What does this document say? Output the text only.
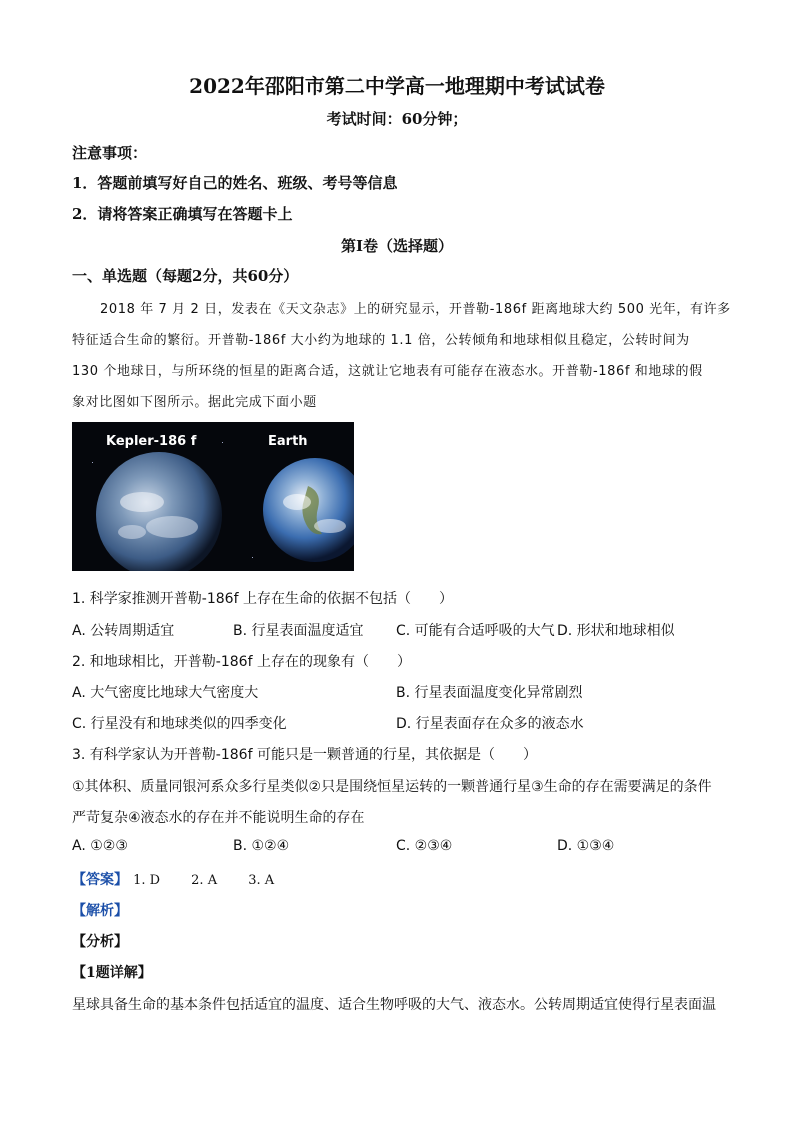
2022年邵阳市第二中学高一地理期中考试试卷
考试时间：60分钟；
注意事项：
1．答题前填写好自己的姓名、班级、考号等信息
2．请将答案正确填写在答题卡上
第I卷（选择题）
一、单选题（每题2分，共60分）
2018 年 7 月 2 日，发表在《天文杂志》上的研究显示，开普勒-186f 距离地球大约 500 光年，有许多
特征适合生命的繁衍。开普勒-186f 大小约为地球的 1.1 倍，公转倾角和地球相似且稳定，公转时间为
130 个地球日，与所环绕的恒星的距离合适，这就让它地表有可能存在液态水。开普勒-186f 和地球的假
象对比图如下图所示。据此完成下面小题
Kepler-186 f	Earth
1. 科学家推测开普勒-186f 上存在生命的依据不包括（　　）
A. 公转周期适宜	B. 行星表面温度适宜 C. 可能有合适呼吸的大气 D. 形状和地球相似
2. 和地球相比，开普勒-186f 上存在的现象有（　　）
A. 大气密度比地球大气密度大	B. 行星表面温度变化异常剧烈
C. 行星没有和地球类似的四季变化	D. 行星表面存在众多的液态水
3. 有科学家认为开普勒-186f 可能只是一颗普通的行星，其依据是（　　）
①其体积、质量同银河系众多行星类似②只是围绕恒星运转的一颗普通行星③生命的存在需要满足的条件
严苛复杂④液态水的存在并不能说明生命的存在
A. ①②③	B. ①②④	C. ②③④	D. ①③④
【答案】 1. D 2. A 3. A
【解析】
【分析】
【1题详解】
星球具备生命的基本条件包括适宜的温度、适合生物呼吸的大气、液态水。公转周期适宜使得行星表面温
